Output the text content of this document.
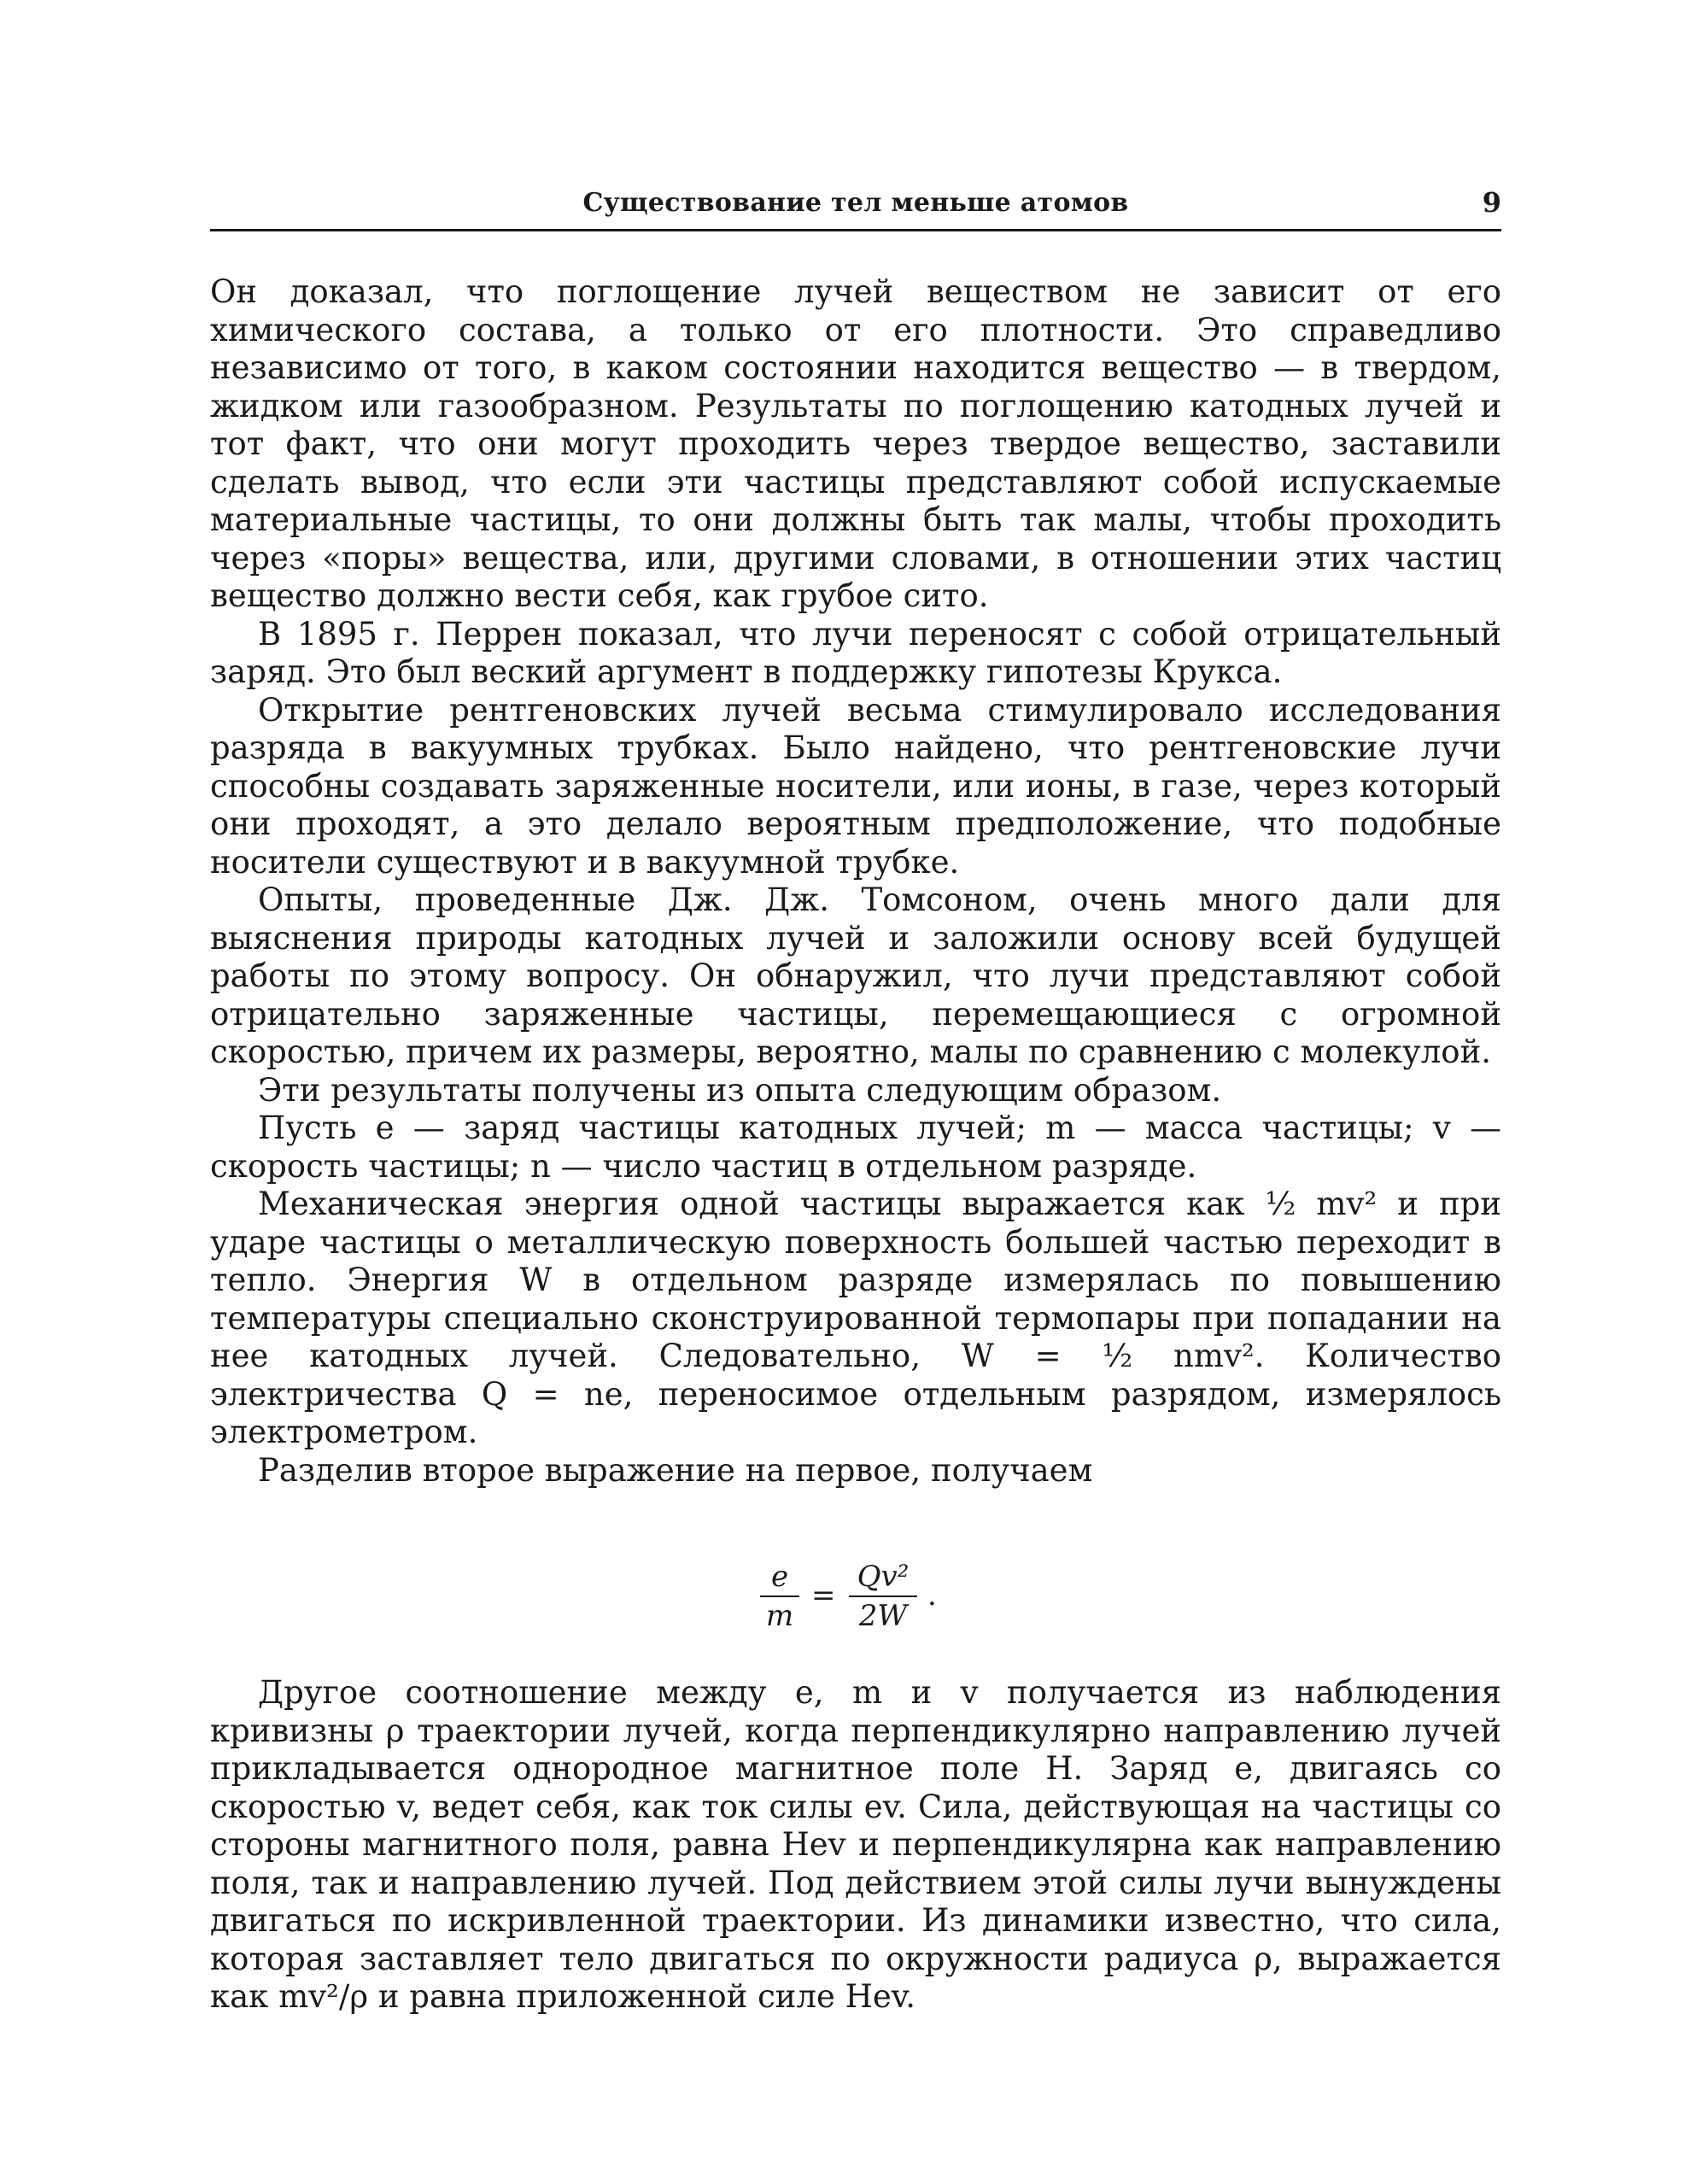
Существование тел меньше атомов	9

Он доказал, что поглощение лучей веществом не зависит от его химического состава, а только от его плотности. Это справедливо независимо от того, в каком состоянии находится вещество — в твердом, жидком или газообразном. Результаты по поглощению катодных лучей и тот факт, что они могут проходить через твердое вещество, заставили сделать вывод, что если эти частицы представляют собой испускаемые материальные частицы, то они должны быть так малы, чтобы проходить через «поры» вещества, или, другими словами, в отношении этих частиц вещество должно вести себя, как грубое сито.

В 1895 г. Перрен показал, что лучи переносят с собой отрицательный заряд. Это был веский аргумент в поддержку гипотезы Крукса.

Открытие рентгеновских лучей весьма стимулировало исследования разряда в вакуумных трубках. Было найдено, что рентгеновские лучи способны создавать заряженные носители, или ионы, в газе, через который они проходят, а это делало вероятным предположение, что подобные носители существуют и в вакуумной трубке.

Опыты, проведенные Дж. Дж. Томсоном, очень много дали для выяснения природы катодных лучей и заложили основу всей будущей работы по этому вопросу. Он обнаружил, что лучи представляют собой отрицательно заряженные частицы, перемещающиеся с огромной скоростью, причем их размеры, вероятно, малы по сравнению с молекулой.

Эти результаты получены из опыта следующим образом.

Пусть e — заряд частицы катодных лучей; m — масса частицы; v — скорость частицы; n — число частиц в отдельном разряде.

Механическая энергия одной частицы выражается как ½ mv² и при ударе частицы о металлическую поверхность большей частью переходит в тепло. Энергия W в отдельном разряде измерялась по повышению температуры специально сконструированной термопары при попадании на нее катодных лучей. Следовательно, W = ½ nmv². Количество электричества Q = ne, переносимое отдельным разрядом, измерялось электрометром.

Разделив второе выражение на первое, получаем

e
m
=
Qv²
2W
.

Другое соотношение между e, m и v получается из наблюдения кривизны ρ траектории лучей, когда перпендикулярно направлению лучей прикладывается однородное магнитное поле H. Заряд e, двигаясь со скоростью v, ведет себя, как ток силы ev. Сила, действующая на частицы со стороны магнитного поля, равна Hev и перпендикулярна как направлению поля, так и направлению лучей. Под действием этой силы лучи вынуждены двигаться по искривленной траектории. Из динамики известно, что сила, которая заставляет тело двигаться по окружности радиуса ρ, выражается как mv²/ρ и равна приложенной силе Hev.
